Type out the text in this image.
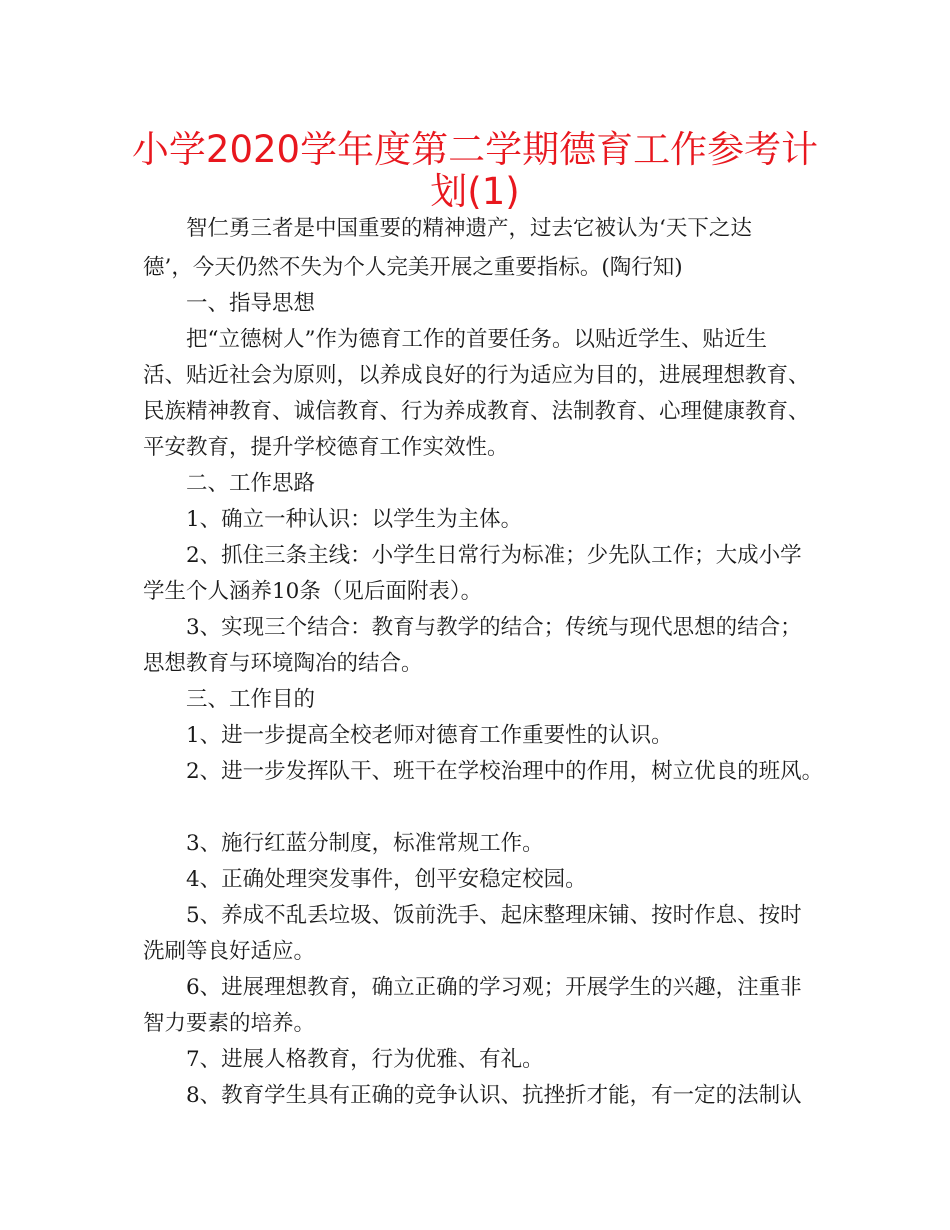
小学2020学年度第二学期德育工作参考计
划(1)
智仁勇三者是中国重要的精神遗产，过去它被认为‘天下之达
德’，今天仍然不失为个人完美开展之重要指标。(陶行知)
一、指导思想
把“立德树人”作为德育工作的首要任务。以贴近学生、贴近生
活、贴近社会为原则，以养成良好的行为适应为目的，进展理想教育、
民族精神教育、诚信教育、行为养成教育、法制教育、心理健康教育、
平安教育，提升学校德育工作实效性。
二、工作思路
1、确立一种认识：以学生为主体。
2、抓住三条主线：小学生日常行为标准；少先队工作；大成小学
学生个人涵养10条（见后面附表）。
3、实现三个结合：教育与教学的结合；传统与现代思想的结合；
思想教育与环境陶冶的结合。
三、工作目的
1、进一步提高全校老师对德育工作重要性的认识。
2、进一步发挥队干、班干在学校治理中的作用，树立优良的班风。
3、施行红蓝分制度，标准常规工作。
4、正确处理突发事件，创平安稳定校园。
5、养成不乱丢垃圾、饭前洗手、起床整理床铺、按时作息、按时
洗刷等良好适应。
6、进展理想教育，确立正确的学习观；开展学生的兴趣，注重非
智力要素的培养。
7、进展人格教育，行为优雅、有礼。
8、教育学生具有正确的竞争认识、抗挫折才能，有一定的法制认
